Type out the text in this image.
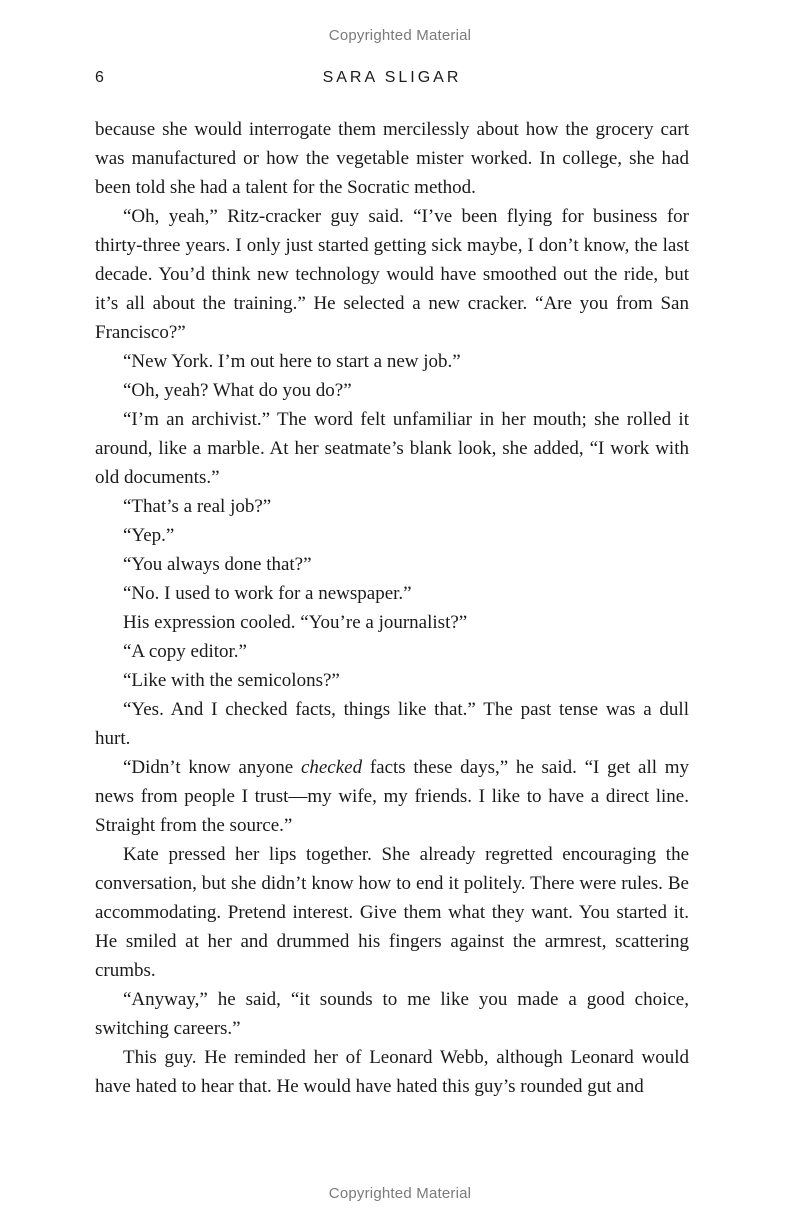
Copyrighted Material
6	SARA SLIGAR

because she would interrogate them mercilessly about how the grocery cart was manufactured or how the vegetable mister worked. In college, she had been told she had a talent for the Socratic method.

“Oh, yeah,” Ritz-cracker guy said. “I’ve been flying for business for thirty-three years. I only just started getting sick maybe, I don’t know, the last decade. You’d think new technology would have smoothed out the ride, but it’s all about the training.” He selected a new cracker. “Are you from San Francisco?”

“New York. I’m out here to start a new job.”

“Oh, yeah? What do you do?”

“I’m an archivist.” The word felt unfamiliar in her mouth; she rolled it around, like a marble. At her seatmate’s blank look, she added, “I work with old documents.”

“That’s a real job?”

“Yep.”

“You always done that?”

“No. I used to work for a newspaper.”

His expression cooled. “You’re a journalist?”

“A copy editor.”

“Like with the semicolons?”

“Yes. And I checked facts, things like that.” The past tense was a dull hurt.

“Didn’t know anyone checked facts these days,” he said. “I get all my news from people I trust—my wife, my friends. I like to have a direct line. Straight from the source.”

Kate pressed her lips together. She already regretted encouraging the conversation, but she didn’t know how to end it politely. There were rules. Be accommodating. Pretend interest. Give them what they want. You started it. He smiled at her and drummed his fingers against the armrest, scattering crumbs.

“Anyway,” he said, “it sounds to me like you made a good choice, switching careers.”

This guy. He reminded her of Leonard Webb, although Leonard would have hated to hear that. He would have hated this guy’s rounded gut and

Copyrighted Material
